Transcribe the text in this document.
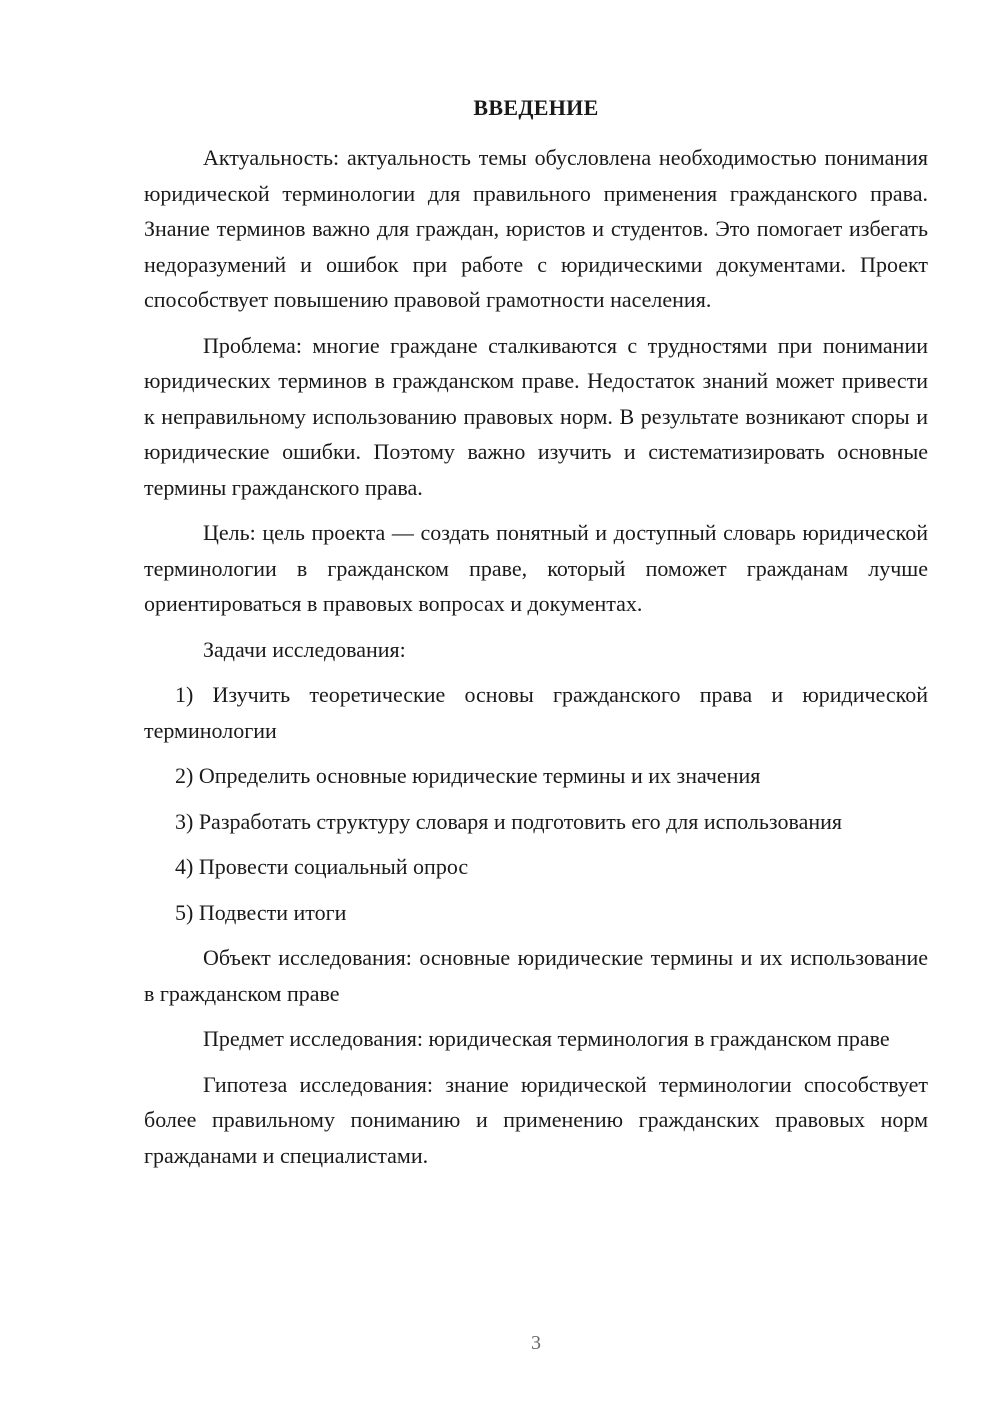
ВВЕДЕНИЕ

Актуальность: актуальность темы обусловлена необходимостью понимания юридической терминологии для правильного применения гражданского права. Знание терминов важно для граждан, юристов и студентов. Это помогает избегать недоразумений и ошибок при работе с юридическими документами. Проект способствует повышению правовой грамотности населения.

Проблема: многие граждане сталкиваются с трудностями при понимании юридических терминов в гражданском праве. Недостаток знаний может привести к неправильному использованию правовых норм. В результате возникают споры и юридические ошибки. Поэтому важно изучить и систематизировать основные термины гражданского права.

Цель: цель проекта — создать понятный и доступный словарь юридической терминологии в гражданском праве, который поможет гражданам лучше ориентироваться в правовых вопросах и документах.

Задачи исследования:

1) Изучить теоретические основы гражданского права и юридической терминологии

2) Определить основные юридические термины и их значения

3) Разработать структуру словаря и подготовить его для использования

4) Провести социальный опрос

5) Подвести итоги

Объект исследования: основные юридические термины и их использование в гражданском праве

Предмет исследования: юридическая терминология в гражданском праве

Гипотеза исследования: знание юридической терминологии способствует более правильному пониманию и применению гражданских правовых норм гражданами и специалистами.

3
